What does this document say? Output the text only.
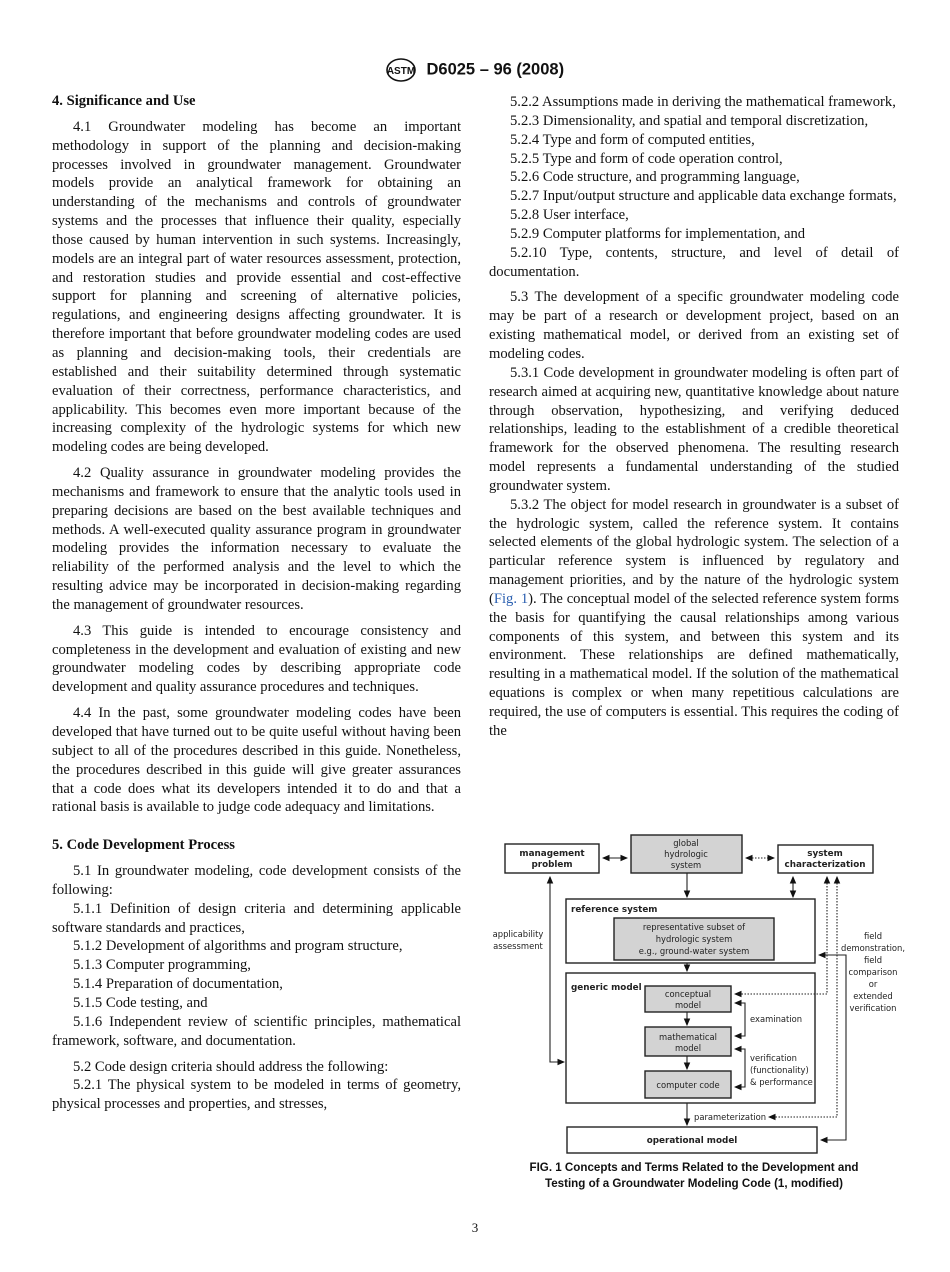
ASTM D6025 – 96 (2008)
4. Significance and Use

4.1 Groundwater modeling has become an important methodology in support of the planning and decision-making processes involved in groundwater management. Groundwater models provide an analytical framework for obtaining an understanding of the mechanisms and controls of groundwater systems and the processes that influence their quality, especially those caused by human intervention in such systems. Increasingly, models are an integral part of water resources assessment, protection, and restoration studies and provide essential and cost-effective support for planning and screening of alternative policies, regulations, and engineering designs affecting groundwater. It is therefore important that before groundwater modeling codes are used as planning and decision-making tools, their credentials are established and their suitability determined through systematic evaluation of their correctness, performance characteristics, and applicability. This becomes even more important because of the increasing complexity of the hydrologic systems for which new modeling codes are being developed.

4.2 Quality assurance in groundwater modeling provides the mechanisms and framework to ensure that the analytic tools used in preparing decisions are based on the best available techniques and methods. A well-executed quality assurance program in groundwater modeling provides the information necessary to evaluate the reliability of the performed analysis and the level to which the resulting advice may be incorporated in decision-making regarding the management of groundwater resources.

4.3 This guide is intended to encourage consistency and completeness in the development and evaluation of existing and new groundwater modeling codes by describing appropriate code development and quality assurance procedures and techniques.

4.4 In the past, some groundwater modeling codes have been developed that have turned out to be quite useful without having been subject to all of the procedures described in this guide. Nonetheless, the procedures described in this guide will give greater assurances that a code does what its developers intended it to do and that a rational basis is available to judge code adequacy and limitations.

5. Code Development Process

5.1 In groundwater modeling, code development consists of the following:

5.1.1 Definition of design criteria and determining applicable software standards and practices,

5.1.2 Development of algorithms and program structure,

5.1.3 Computer programming,

5.1.4 Preparation of documentation,

5.1.5 Code testing, and

5.1.6 Independent review of scientific principles, mathematical framework, software, and documentation.

5.2 Code design criteria should address the following:

5.2.1 The physical system to be modeled in terms of geometry, physical processes and properties, and stresses,

5.2.2 Assumptions made in deriving the mathematical framework,

5.2.3 Dimensionality, and spatial and temporal discretization,

5.2.4 Type and form of computed entities,

5.2.5 Type and form of code operation control,

5.2.6 Code structure, and programming language,

5.2.7 Input/output structure and applicable data exchange formats,

5.2.8 User interface,

5.2.9 Computer platforms for implementation, and

5.2.10 Type, contents, structure, and level of detail of documentation.

5.3 The development of a specific groundwater modeling code may be part of a research or development project, based on an existing mathematical model, or derived from an existing set of modeling codes.

5.3.1 Code development in groundwater modeling is often part of research aimed at acquiring new, quantitative knowledge about nature through observation, hypothesizing, and verifying deduced relationships, leading to the establishment of a credible theoretical framework for the observed phenomena. The resulting research model represents a fundamental understanding of the studied groundwater system.

5.3.2 The object for model research in groundwater is a subset of the hydrologic system, called the reference system. It contains selected elements of the global hydrologic system. The selection of a particular reference system is influenced by regulatory and management priorities, and by the nature of the hydrologic system (Fig. 1). The conceptual model of the selected reference system forms the basis for quantifying the causal relationships among various components of this system, and between this system and its environment. These relationships are defined mathematically, resulting in a mathematical model. If the solution of the mathematical equations is complex or when many repetitious calculations are required, the use of computers is essential. This requires the coding of the

management
problem
global
hydrologic
system
system
characterization
reference system
representative subset of
hydrologic system
e.g., ground-water system
applicability
assessment
field
demonstration,
field
comparison
or
extended
verification
generic model
conceptual
model
examination
mathematical
model
verification
(functionality)
& performance
computer code
parameterization
operational model
FIG. 1 Concepts and Terms Related to the Development and
Testing of a Groundwater Modeling Code (1, modified)
3
